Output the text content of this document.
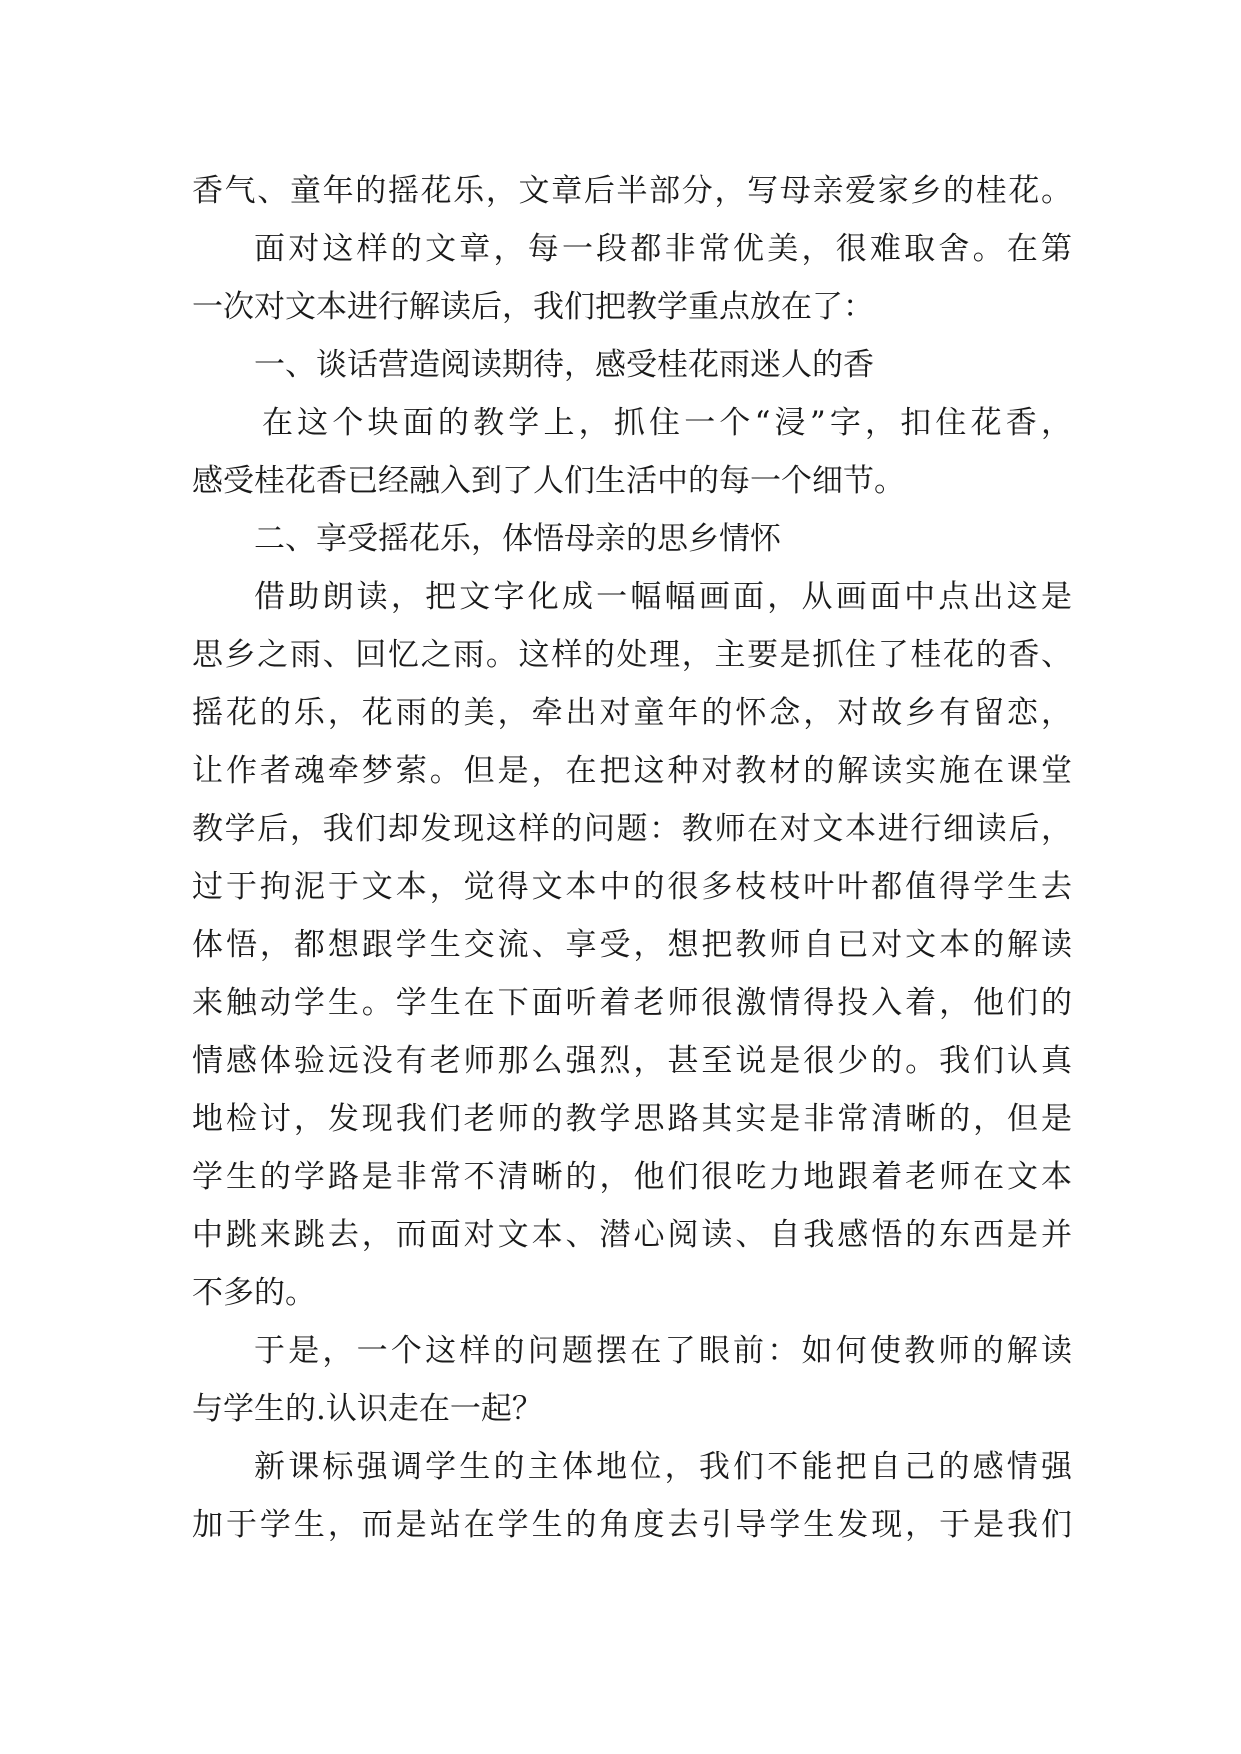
香气、童年的摇花乐，文章后半部分，写母亲爱家乡的桂花。
面对这样的文章，每一段都非常优美，很难取舍。在第
一次对文本进行解读后，我们把教学重点放在了：
一、谈话营造阅读期待，感受桂花雨迷人的香
在这个块面的教学上，抓住一个“浸”字，扣住花香，
感受桂花香已经融入到了人们生活中的每一个细节。
二、享受摇花乐，体悟母亲的思乡情怀
借助朗读，把文字化成一幅幅画面，从画面中点出这是
思乡之雨、回忆之雨。这样的处理，主要是抓住了桂花的香、
摇花的乐，花雨的美，牵出对童年的怀念，对故乡有留恋，
让作者魂牵梦萦。但是，在把这种对教材的解读实施在课堂
教学后，我们却发现这样的问题：教师在对文本进行细读后，
过于拘泥于文本，觉得文本中的很多枝枝叶叶都值得学生去
体悟，都想跟学生交流、享受，想把教师自已对文本的解读
来触动学生。学生在下面听着老师很激情得投入着，他们的
情感体验远没有老师那么强烈，甚至说是很少的。我们认真
地检讨，发现我们老师的教学思路其实是非常清晰的，但是
学生的学路是非常不清晰的，他们很吃力地跟着老师在文本
中跳来跳去，而面对文本、潜心阅读、自我感悟的东西是并
不多的。
于是，一个这样的问题摆在了眼前：如何使教师的解读
与学生的.认识走在一起？
新课标强调学生的主体地位，我们不能把自己的感情强
加于学生，而是站在学生的角度去引导学生发现，于是我们
